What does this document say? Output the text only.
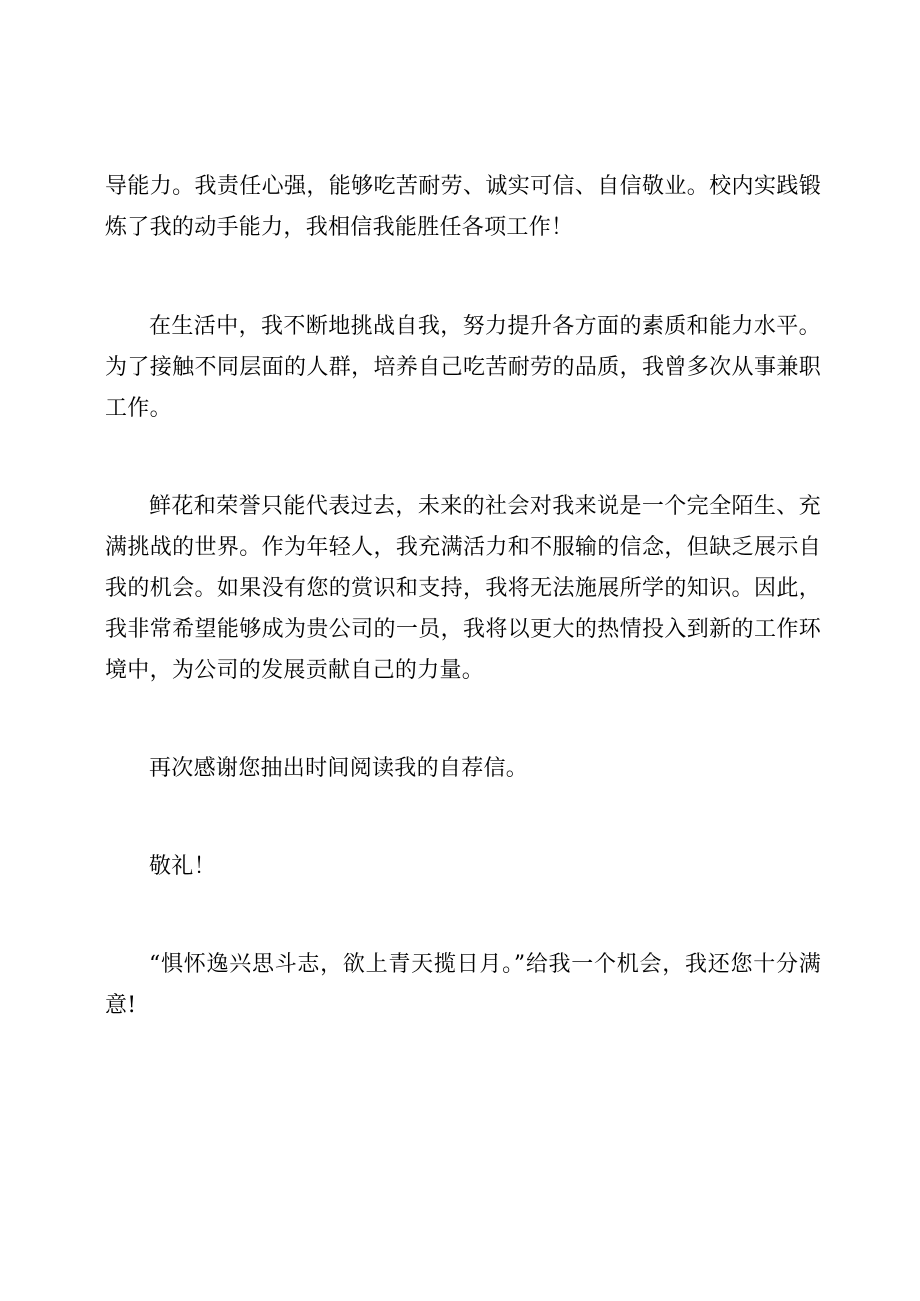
导能力。我责任心强，能够吃苦耐劳、诚实可信、自信敬业。校内实践锻炼了我的动手能力，我相信我能胜任各项工作！

在生活中，我不断地挑战自我，努力提升各方面的素质和能力水平。为了接触不同层面的人群，培养自己吃苦耐劳的品质，我曾多次从事兼职工作。

鲜花和荣誉只能代表过去，未来的社会对我来说是一个完全陌生、充满挑战的世界。作为年轻人，我充满活力和不服输的信念，但缺乏展示自我的机会。如果没有您的赏识和支持，我将无法施展所学的知识。因此，我非常希望能够成为贵公司的一员，我将以更大的热情投入到新的工作环境中，为公司的发展贡献自己的力量。

再次感谢您抽出时间阅读我的自荐信。

敬礼！

“惧怀逸兴思斗志，欲上青天揽日月。”给我一个机会，我还您十分满意!
